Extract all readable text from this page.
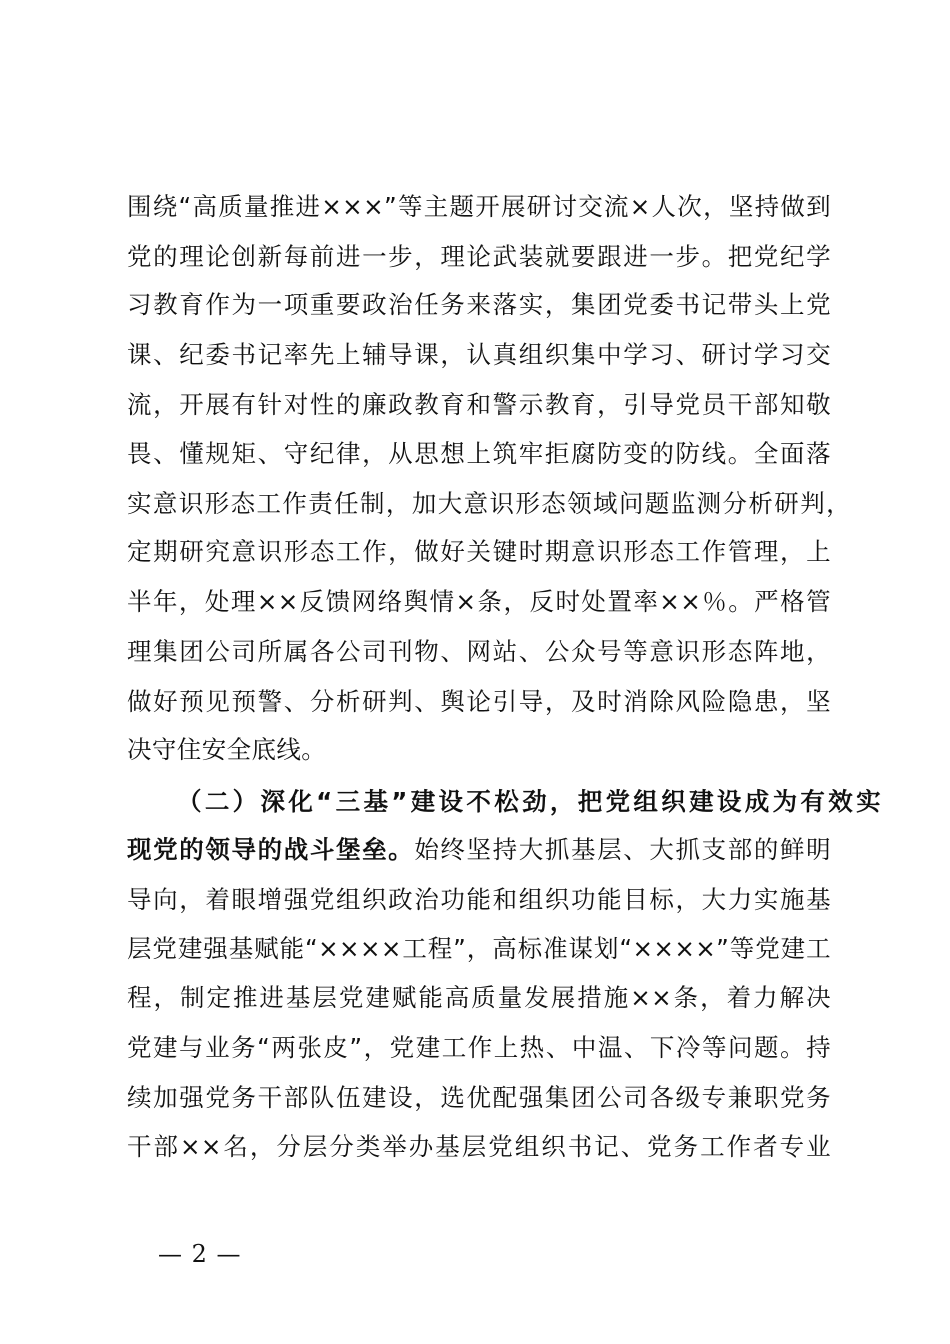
围绕“高质量推进×××”等主题开展研讨交流×人次，坚持做到
党的理论创新每前进一步，理论武装就要跟进一步。把党纪学
习教育作为一项重要政治任务来落实，集团党委书记带头上党
课、纪委书记率先上辅导课，认真组织集中学习、研讨学习交
流，开展有针对性的廉政教育和警示教育，引导党员干部知敬
畏、懂规矩、守纪律，从思想上筑牢拒腐防变的防线。全面落
实意识形态工作责任制，加大意识形态领域问题监测分析研判，
定期研究意识形态工作，做好关键时期意识形态工作管理，上
半年，处理××反馈网络舆情×条，反时处置率××％。严格管
理集团公司所属各公司刊物、网站、公众号等意识形态阵地，
做好预见预警、分析研判、舆论引导，及时消除风险隐患，坚
决守住安全底线。
（二）深化“三基”建设不松劲，把党组织建设成为有效实
现党的领导的战斗堡垒。始终坚持大抓基层、大抓支部的鲜明
导向，着眼增强党组织政治功能和组织功能目标，大力实施基
层党建强基赋能“××××工程”，高标准谋划“××××”等党建工
程，制定推进基层党建赋能高质量发展措施××条，着力解决
党建与业务“两张皮”，党建工作上热、中温、下冷等问题。持
续加强党务干部队伍建设，选优配强集团公司各级专兼职党务
干部××名，分层分类举办基层党组织书记、党务工作者专业
— 2 —
